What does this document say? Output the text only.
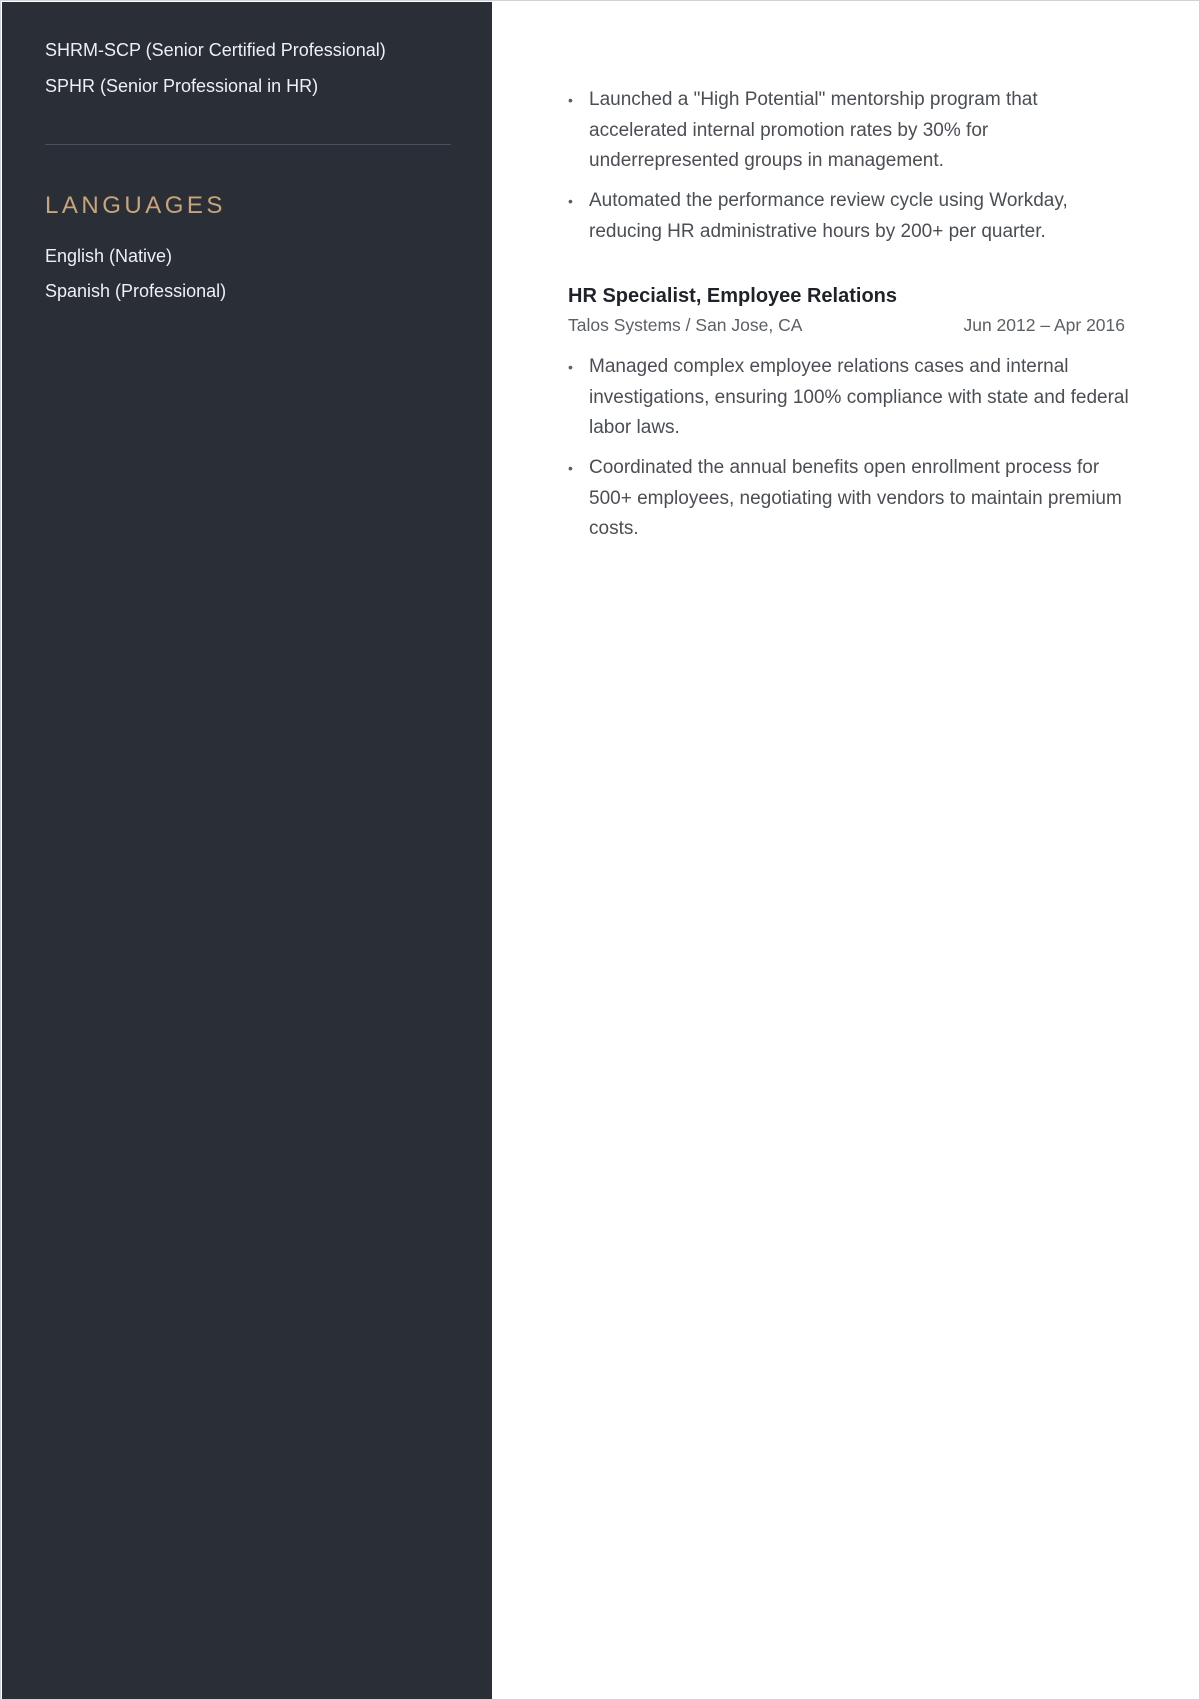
SHRM-SCP (Senior Certified Professional)
SPHR (Senior Professional in HR)
LANGUAGES
English (Native)
Spanish (Professional)
• Launched a "High Potential" mentorship program that accelerated internal promotion rates by 30% for underrepresented groups in management.
• Automated the performance review cycle using Workday, reducing HR administrative hours by 200+ per quarter.
HR Specialist, Employee Relations
Talos Systems / San Jose, CA	Jun 2012 – Apr 2016
• Managed complex employee relations cases and internal investigations, ensuring 100% compliance with state and federal labor laws.
• Coordinated the annual benefits open enrollment process for 500+ employees, negotiating with vendors to maintain premium costs.
